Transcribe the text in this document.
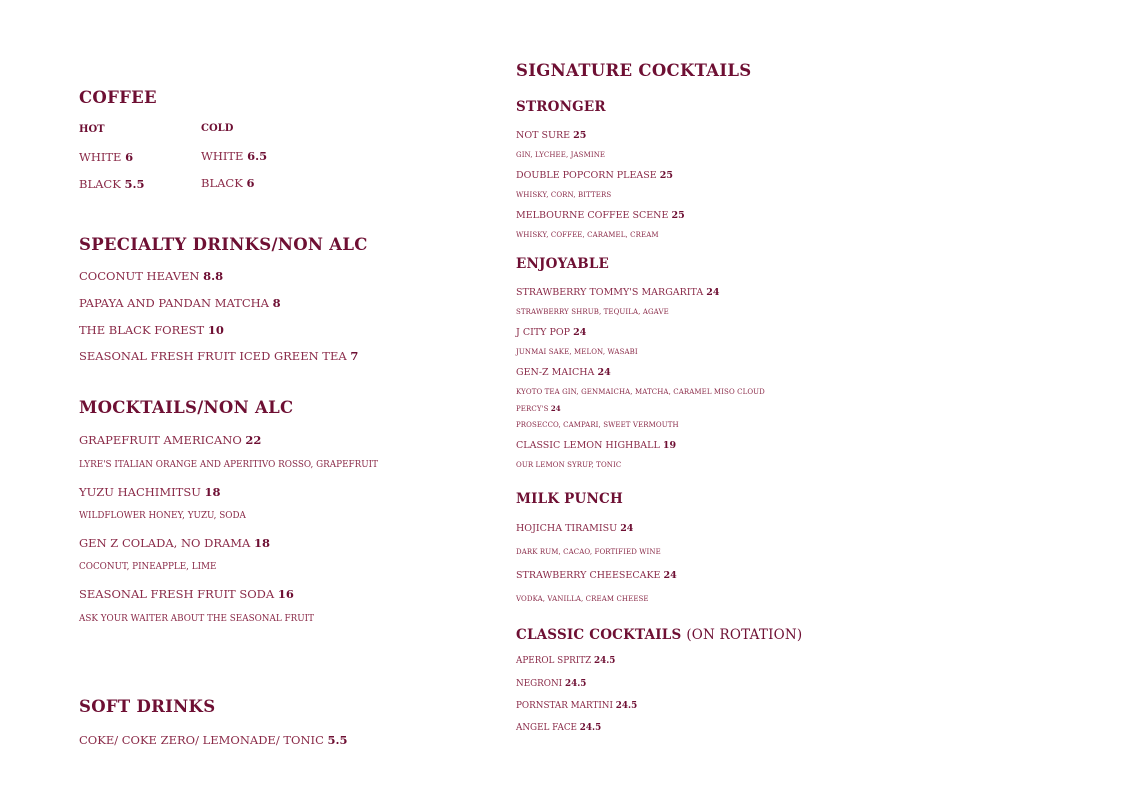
COFFEE
HOT	COLD
WHITE 6	WHITE 6.5
BLACK 5.5	BLACK 6
SPECIALTY DRINKS/NON ALC
COCONUT HEAVEN 8.8
PAPAYA AND PANDAN MATCHA 8
THE BLACK FOREST 10
SEASONAL FRESH FRUIT ICED GREEN TEA 7
MOCKTAILS/NON ALC
GRAPEFRUIT AMERICANO 22
LYRE'S ITALIAN ORANGE AND APERITIVO ROSSO, GRAPEFRUIT
YUZU HACHIMITSU 18
WILDFLOWER HONEY, YUZU, SODA
GEN Z COLADA, NO DRAMA 18
COCONUT, PINEAPPLE, LIME
SEASONAL FRESH FRUIT SODA 16
ASK YOUR WAITER ABOUT THE SEASONAL FRUIT
SOFT DRINKS
COKE/ COKE ZERO/ LEMONADE/ TONIC 5.5
SIGNATURE COCKTAILS
STRONGER
NOT SURE 25
GIN, LYCHEE, JASMINE
DOUBLE POPCORN PLEASE 25
WHISKY, CORN, BITTERS
MELBOURNE COFFEE SCENE 25
WHISKY, COFFEE, CARAMEL, CREAM
ENJOYABLE
STRAWBERRY TOMMY'S MARGARITA 24
STRAWBERRY SHRUB, TEQUILA, AGAVE
J CITY POP 24
JUNMAI SAKE, MELON, WASABI
GEN-Z MAICHA 24
KYOTO TEA GIN, GENMAICHA, MATCHA, CARAMEL MISO CLOUD
PERCY'S 24
PROSECCO, CAMPARI, SWEET VERMOUTH
CLASSIC LEMON HIGHBALL 19
OUR LEMON SYRUP, TONIC
MILK PUNCH
HOJICHA TIRAMISU 24
DARK RUM, CACAO, FORTIFIED WINE
STRAWBERRY CHEESECAKE 24
VODKA, VANILLA, CREAM CHEESE
CLASSIC COCKTAILS (ON ROTATION)
APEROL SPRITZ 24.5
NEGRONI 24.5
PORNSTAR MARTINI 24.5
ANGEL FACE 24.5
